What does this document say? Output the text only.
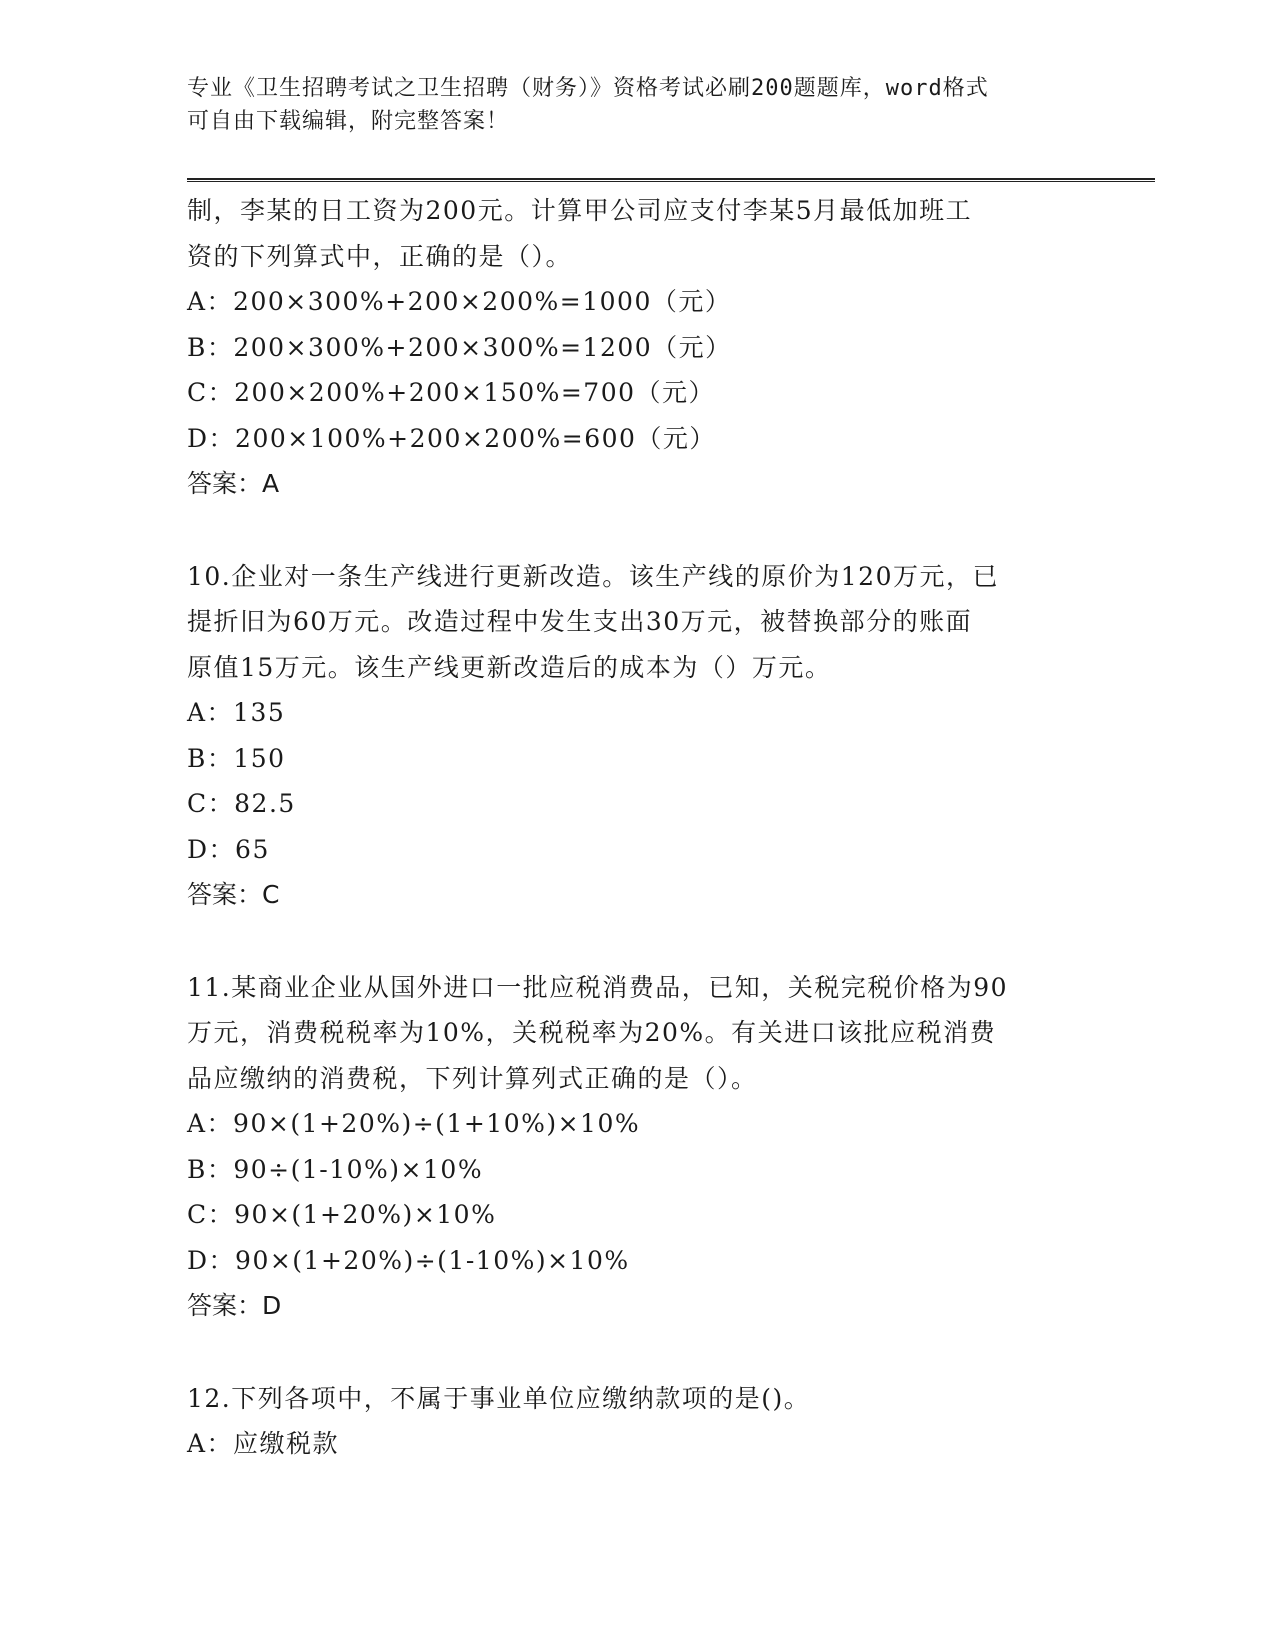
专业《卫生招聘考试之卫生招聘（财务）》资格考试必刷200题题库，word格式
可自由下载编辑，附完整答案！
制，李某的日工资为200元。计算甲公司应支付李某5月最低加班工
资的下列算式中，正确的是（）。
A：200×300%+200×200%=1000（元）
B：200×300%+200×300%=1200（元）
C：200×200%+200×150%=700（元）
D：200×100%+200×200%=600（元）
答案：A
10.企业对一条生产线进行更新改造。该生产线的原价为120万元，已
提折旧为60万元。改造过程中发生支出30万元，被替换部分的账面
原值15万元。该生产线更新改造后的成本为（）万元。
A：135
B：150
C：82.5
D：65
答案：C
11.某商业企业从国外进口一批应税消费品，已知，关税完税价格为90
万元，消费税税率为10%，关税税率为20%。有关进口该批应税消费
品应缴纳的消费税，下列计算列式正确的是（）。
A：90×(1+20%)÷(1+10%)×10%
B：90÷(1-10%)×10%
C：90×(1+20%)×10%
D：90×(1+20%)÷(1-10%)×10%
答案：D
12.下列各项中，不属于事业单位应缴纳款项的是()。
A：应缴税款
